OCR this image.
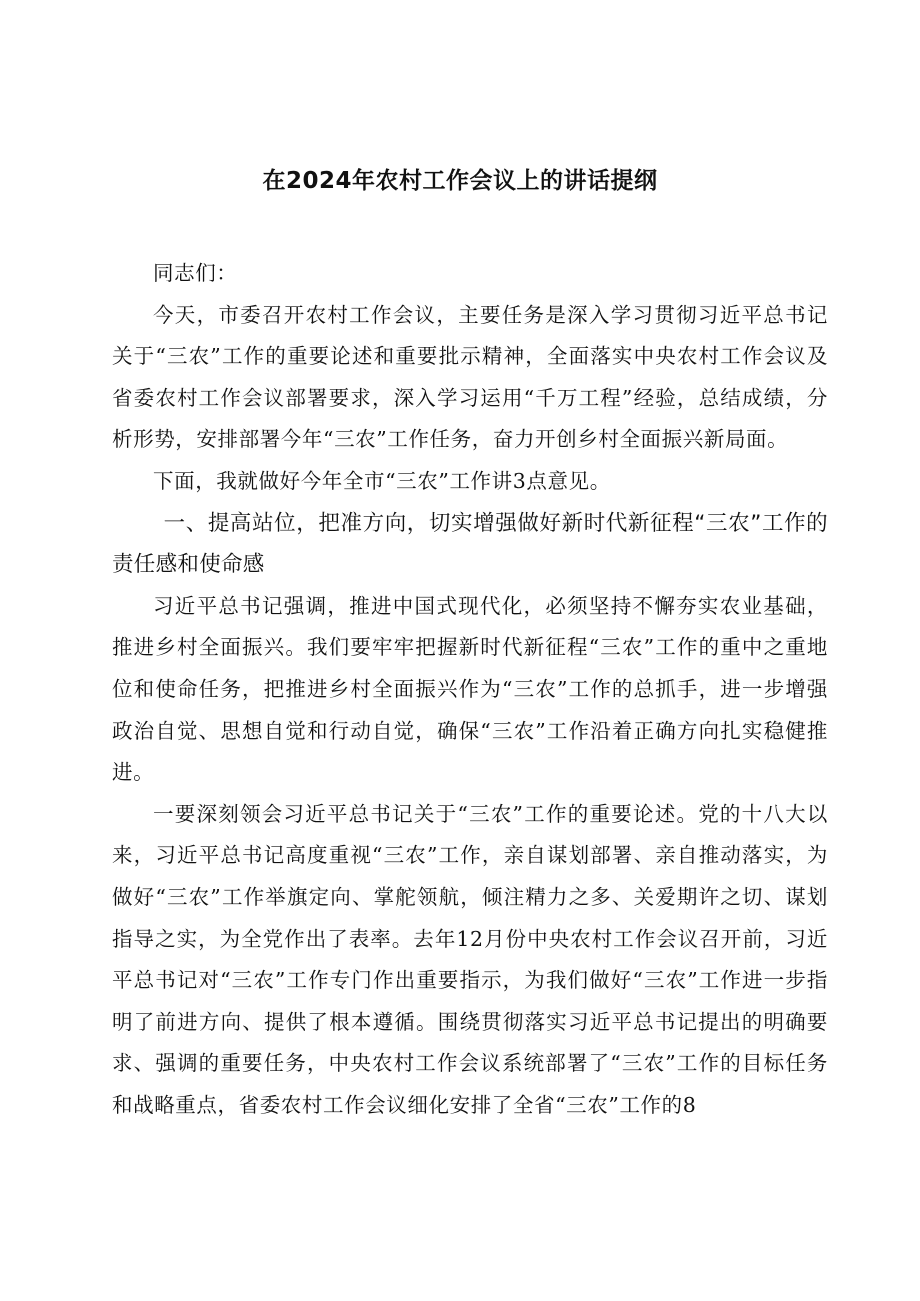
在2024年农村工作会议上的讲话提纲

同志们：

今天，市委召开农村工作会议，主要任务是深入学习贯彻习近平总书记关于“三农”工作的重要论述和重要批示精神，全面落实中央农村工作会议及省委农村工作会议部署要求，深入学习运用“千万工程”经验，总结成绩，分析形势，安排部署今年“三农”工作任务，奋力开创乡村全面振兴新局面。

下面，我就做好今年全市“三农”工作讲3点意见。

一、提高站位，把准方向，切实增强做好新时代新征程“三农”工作的责任感和使命感

习近平总书记强调，推进中国式现代化，必须坚持不懈夯实农业基础，推进乡村全面振兴。我们要牢牢把握新时代新征程“三农”工作的重中之重地位和使命任务，把推进乡村全面振兴作为“三农”工作的总抓手，进一步增强政治自觉、思想自觉和行动自觉，确保“三农”工作沿着正确方向扎实稳健推进。

一要深刻领会习近平总书记关于“三农”工作的重要论述。党的十八大以来，习近平总书记高度重视“三农”工作，亲自谋划部署、亲自推动落实，为做好“三农”工作举旗定向、掌舵领航，倾注精力之多、关爱期许之切、谋划指导之实，为全党作出了表率。去年12月份中央农村工作会议召开前，习近平总书记对“三农”工作专门作出重要指示，为我们做好“三农”工作进一步指明了前进方向、提供了根本遵循。围绕贯彻落实习近平总书记提出的明确要求、强调的重要任务，中央农村工作会议系统部署了“三农”工作的目标任务和战略重点，省委农村工作会议细化安排了全省“三农”工作的8
